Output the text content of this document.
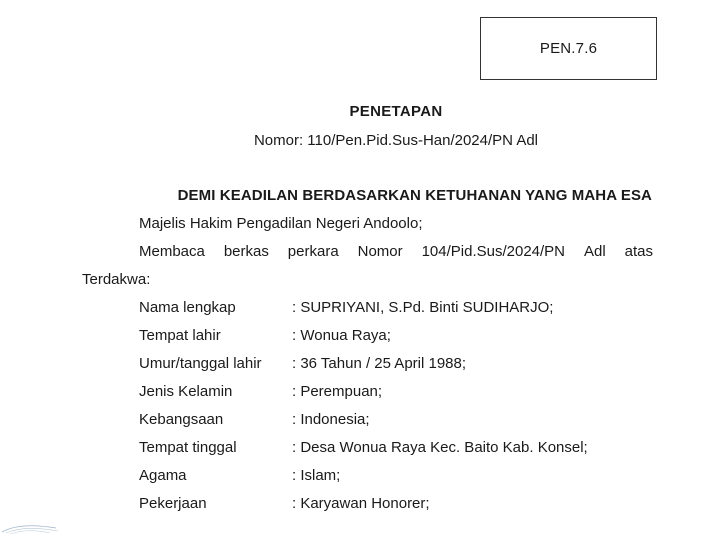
PEN.7.6
PENETAPAN
Nomor: 110/Pen.Pid.Sus-Han/2024/PN Adl
DEMI KEADILAN BERDASARKAN KETUHANAN YANG MAHA ESA
Majelis Hakim Pengadilan Negeri Andoolo;
Membaca berkas perkara Nomor 104/Pid.Sus/2024/PN Adl atas
Terdakwa:
Nama lengkap	: SUPRIYANI, S.Pd. Binti SUDIHARJO;
Tempat lahir	: Wonua Raya;
Umur/tanggal lahir : 36 Tahun / 25 April 1988;
Jenis Kelamin	: Perempuan;
Kebangsaan	: Indonesia;
Tempat tinggal	: Desa Wonua Raya Kec. Baito Kab. Konsel;
Agama	: Islam;
Pekerjaan	: Karyawan Honorer;
